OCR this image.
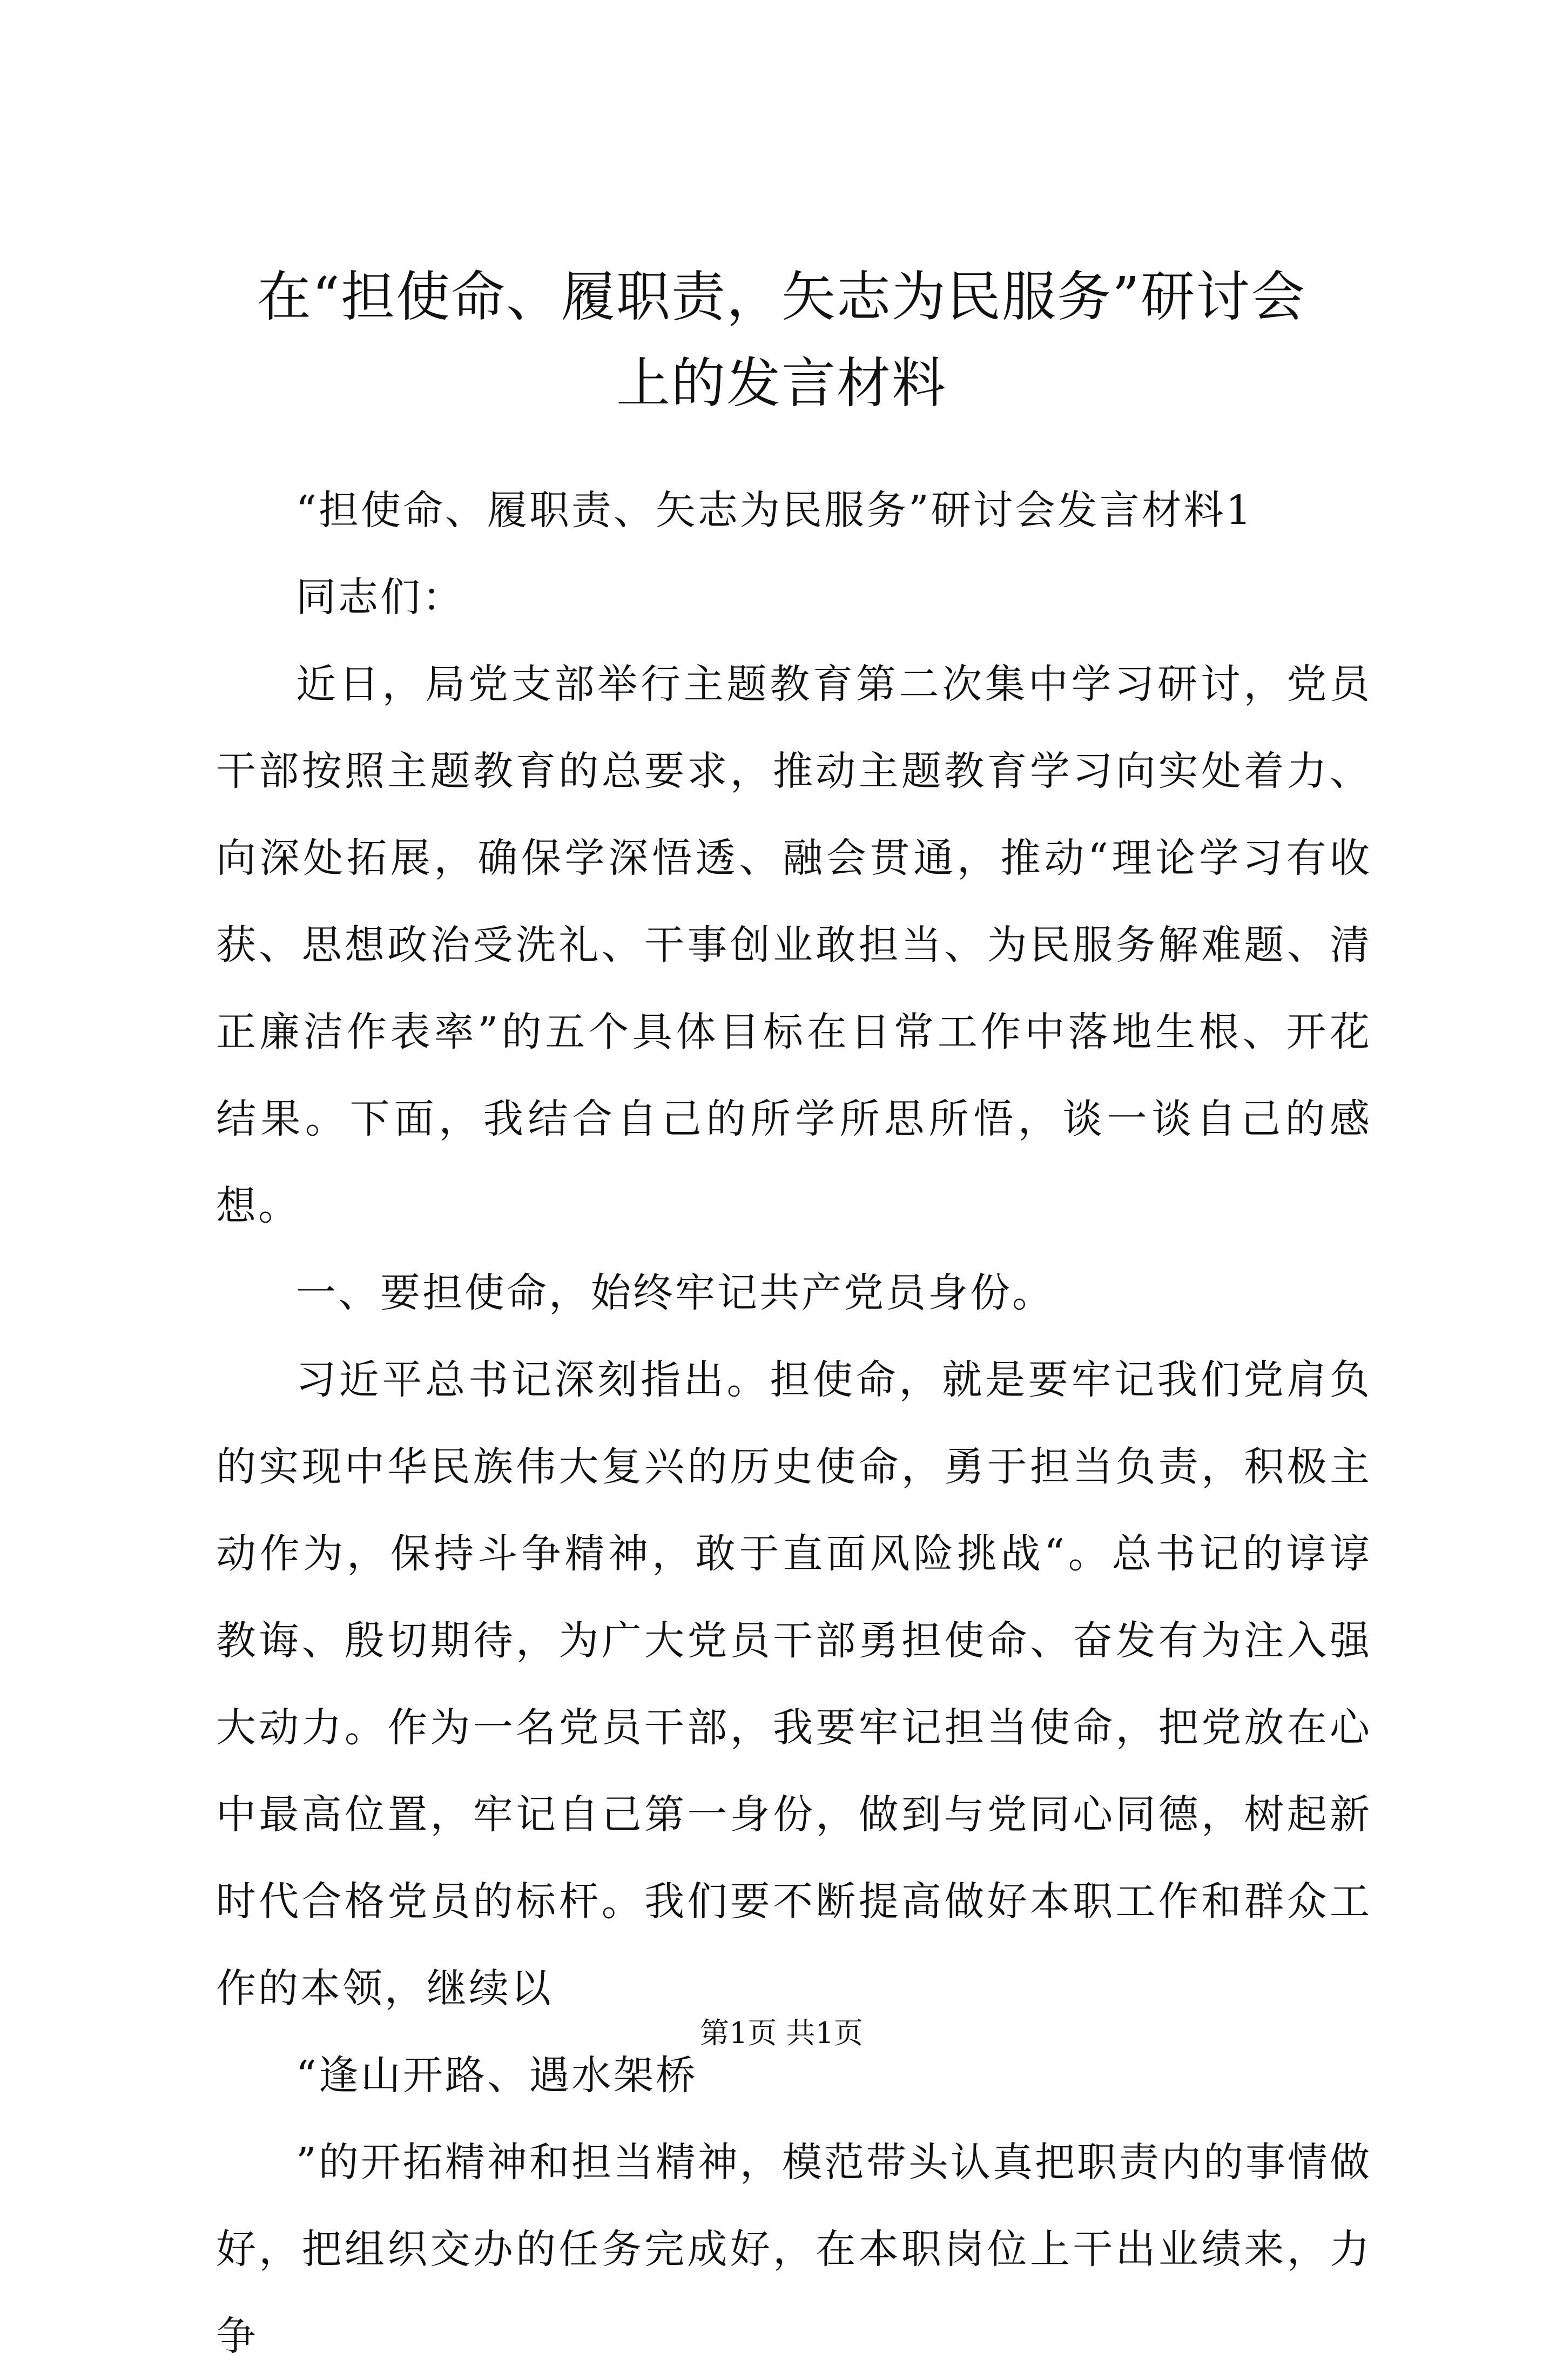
在“担使命、履职责，矢志为民服务”研讨会
上的发言材料

“担使命、履职责、矢志为民服务”研讨会发言材料1

同志们：

近日，局党支部举行主题教育第二次集中学习研讨，党员干部按照主题教育的总要求，推动主题教育学习向实处着力、向深处拓展，确保学深悟透、融会贯通，推动“理论学习有收获、思想政治受洗礼、干事创业敢担当、为民服务解难题、清正廉洁作表率”的五个具体目标在日常工作中落地生根、开花结果。下面，我结合自己的所学所思所悟，谈一谈自己的感想。

一、要担使命，始终牢记共产党员身份。

习近平总书记深刻指出。担使命，就是要牢记我们党肩负的实现中华民族伟大复兴的历史使命，勇于担当负责，积极主动作为，保持斗争精神，敢于直面风险挑战“。总书记的谆谆教诲、殷切期待，为广大党员干部勇担使命、奋发有为注入强大动力。作为一名党员干部，我要牢记担当使命，把党放在心中最高位置，牢记自己第一身份，做到与党同心同德，树起新时代合格党员的标杆。我们要不断提高做好本职工作和群众工作的本领，继续以

“逢山开路、遇水架桥

”的开拓精神和担当精神，模范带头认真把职责内的事情做好，把组织交办的任务完成好，在本职岗位上干出业绩来，力争

第1页 共1页
